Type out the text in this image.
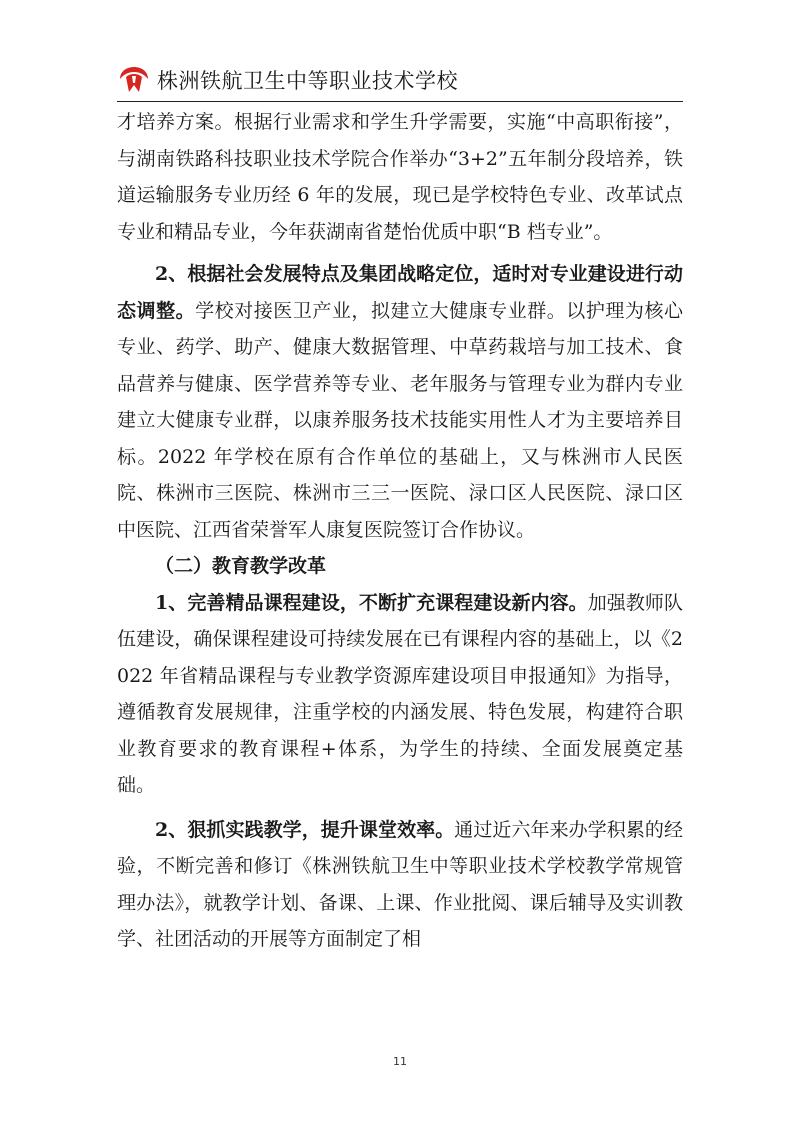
株洲铁航卫生中等职业技术学校

才培养方案。根据行业需求和学生升学需要，实施“中高职衔接”，与湖南铁路科技职业技术学院合作举办“3+2”五年制分段培养，铁道运输服务专业历经 6 年的发展，现已是学校特色专业、改革试点专业和精品专业，今年获湖南省楚怡优质中职“B 档专业”。

2、根据社会发展特点及集团战略定位，适时对专业建设进行动态调整。学校对接医卫产业，拟建立大健康专业群。以护理为核心专业、药学、助产、健康大数据管理、中草药栽培与加工技术、食品营养与健康、医学营养等专业、老年服务与管理专业为群内专业建立大健康专业群，以康养服务技术技能实用性人才为主要培养目标。2022 年学校在原有合作单位的基础上，又与株洲市人民医院、株洲市三医院、株洲市三三一医院、渌口区人民医院、渌口区中医院、江西省荣誉军人康复医院签订合作协议。

（二）教育教学改革

1、完善精品课程建设，不断扩充课程建设新内容。加强教师队伍建设，确保课程建设可持续发展在已有课程内容的基础上，以《2022 年省精品课程与专业教学资源库建设项目申报通知》为指导，遵循教育发展规律，注重学校的内涵发展、特色发展，构建符合职业教育要求的教育课程+体系，为学生的持续、全面发展奠定基础。

2、狠抓实践教学，提升课堂效率。通过近六年来办学积累的经验，不断完善和修订《株洲铁航卫生中等职业技术学校教学常规管理办法》，就教学计划、备课、上课、作业批阅、课后辅导及实训教学、社团活动的开展等方面制定了相

11
